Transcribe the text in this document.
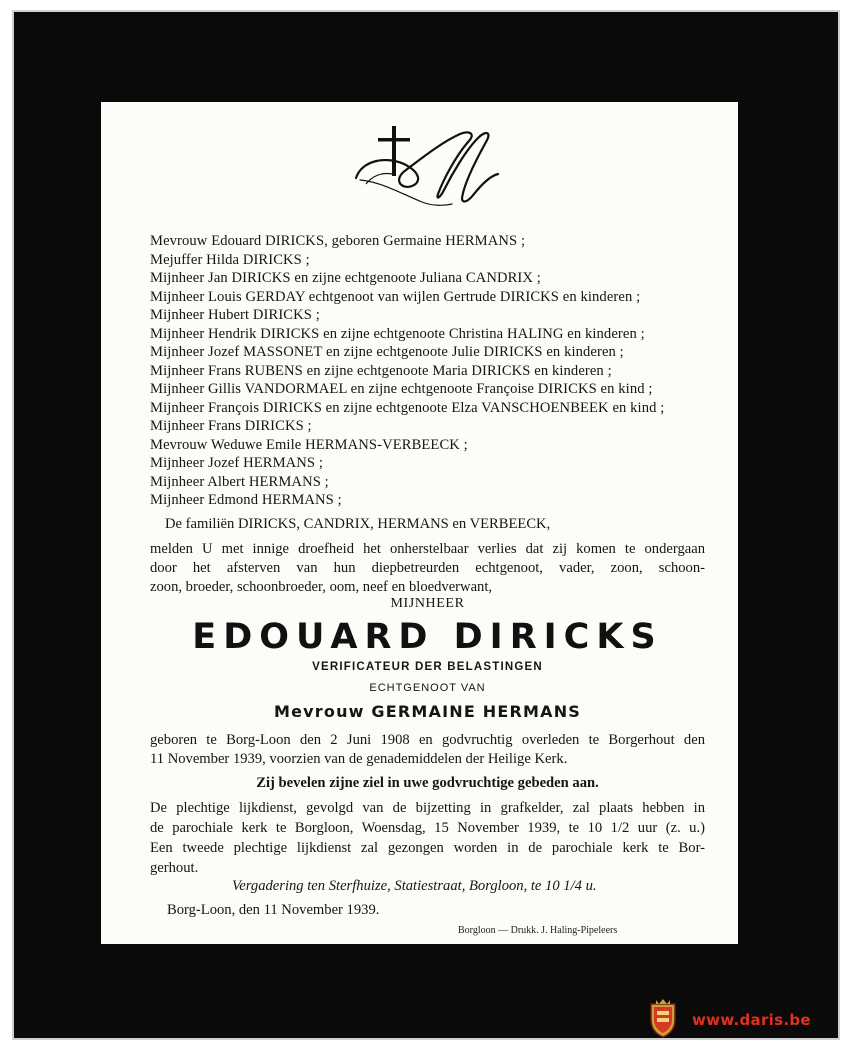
Mevrouw Edouard DIRICKS, geboren Germaine HERMANS ;
Mejuffer Hilda DIRICKS ;
Mijnheer Jan DIRICKS en zijne echtgenoote Juliana CANDRIX ;
Mijnheer Louis GERDAY echtgenoot van wijlen Gertrude DIRICKS en kinderen ;
Mijnheer Hubert DIRICKS ;
Mijnheer Hendrik DIRICKS en zijne echtgenoote Christina HALING en kinderen ;
Mijnheer Jozef MASSONET en zijne echtgenoote Julie DIRICKS en kinderen ;
Mijnheer Frans RUBENS en zijne echtgenoote Maria DIRICKS en kinderen ;
Mijnheer Gillis VANDORMAEL en zijne echtgenoote Françoise DIRICKS en kind ;
Mijnheer François DIRICKS en zijne echtgenoote Elza VANSCHOENBEEK en kind ;
Mijnheer Frans DIRICKS ;
Mevrouw Weduwe Emile HERMANS-VERBEECK ;
Mijnheer Jozef HERMANS ;
Mijnheer Albert HERMANS ;
Mijnheer Edmond HERMANS ;
De familiën DIRICKS, CANDRIX, HERMANS en VERBEECK,
melden U met innige droefheid het onherstelbaar verlies dat zij komen te ondergaan
door het afsterven van hun diepbetreurden echtgenoot, vader, zoon, schoon-
zoon, broeder, schoonbroeder, oom, neef en bloedverwant,
MIJNHEER
EDOUARD DIRICKS
VERIFICATEUR DER BELASTINGEN
ECHTGENOOT VAN
Mevrouw GERMAINE HERMANS
geboren te Borg-Loon den 2 Juni 1908 en godvruchtig overleden te Borgerhout den
11 November 1939, voorzien van de genademiddelen der Heilige Kerk.
Zij bevelen zijne ziel in uwe godvruchtige gebeden aan.
De plechtige lijkdienst, gevolgd van de bijzetting in grafkelder, zal plaats hebben in
de parochiale kerk te Borgloon, Woensdag, 15 November 1939, te 10 1/2 uur (z. u.)
Een tweede plechtige lijkdienst zal gezongen worden in de parochiale kerk te Bor-
gerhout.
Vergadering ten Sterfhuize, Statiestraat, Borgloon, te 10 1/4 u.
Borg-Loon, den 11 November 1939.
Borgloon — Drukk. J. Haling-Pipeleers
www.daris.be
